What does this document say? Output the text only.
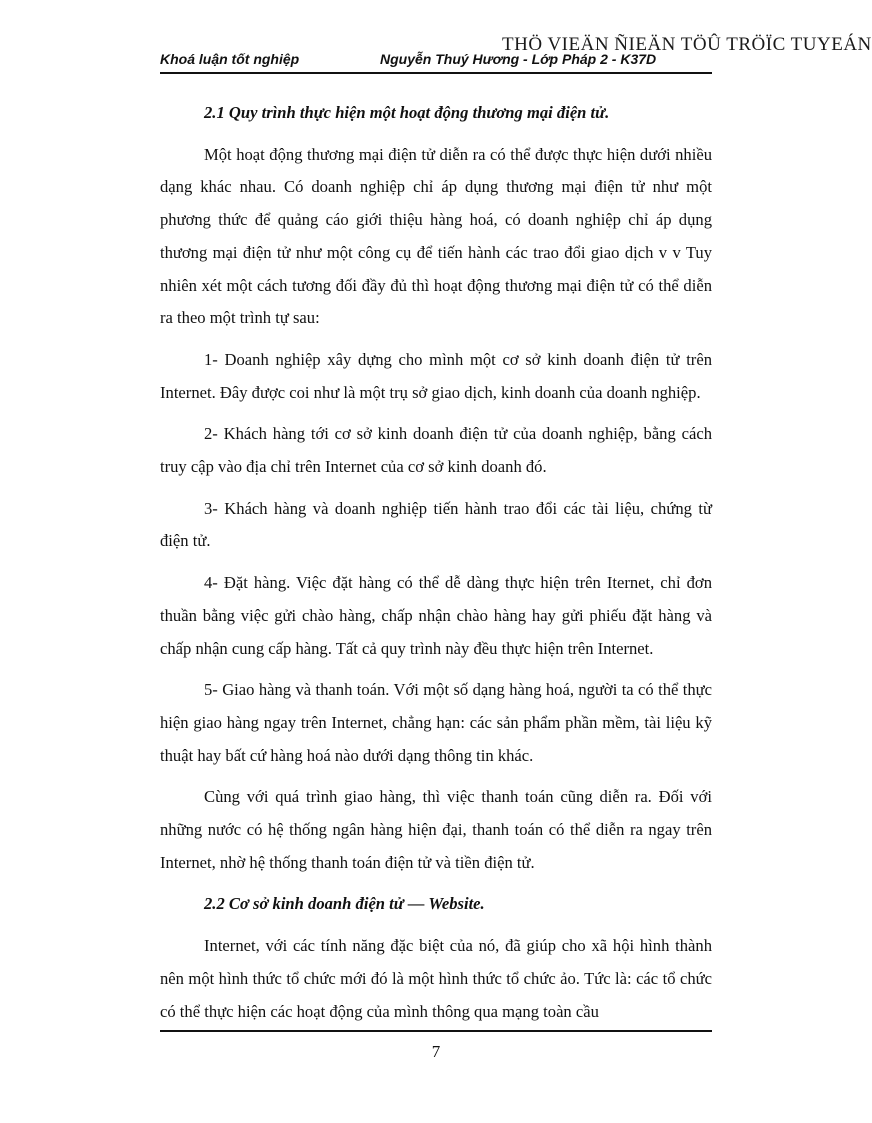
THÖ VIEÄN ÑIEÄN TÖÛ TRÖÏC TUYEÁN
Khoá luận tốt nghiệp	Nguyễn Thuý Hương - Lớp Pháp 2 - K37D

2.1 Quy trình thực hiện một hoạt động thương mại điện tử.

Một hoạt động thương mại điện tử diễn ra có thể được thực hiện dưới nhiều dạng khác nhau. Có doanh nghiệp chỉ áp dụng thương mại điện tử như một phương thức để quảng cáo giới thiệu hàng hoá, có doanh nghiệp chỉ áp dụng thương mại điện tử như một công cụ để tiến hành các trao đổi giao dịch v v Tuy nhiên xét một cách tương đối đầy đủ thì hoạt động thương mại điện tử có thể diễn ra theo một trình tự sau:

1- Doanh nghiệp xây dựng cho mình một cơ sở kinh doanh điện tử trên Internet. Đây được coi như là một trụ sở giao dịch, kinh doanh của doanh nghiệp.

2- Khách hàng tới cơ sở kinh doanh điện tử của doanh nghiệp, bằng cách truy cập vào địa chỉ trên Internet của cơ sở kinh doanh đó.

3- Khách hàng và doanh nghiệp tiến hành trao đổi các tài liệu, chứng từ điện tử.

4- Đặt hàng. Việc đặt hàng có thể dễ dàng thực hiện trên Iternet, chỉ đơn thuần bằng việc gửi chào hàng, chấp nhận chào hàng hay gửi phiếu đặt hàng và chấp nhận cung cấp hàng. Tất cả quy trình này đều thực hiện trên Internet.

5- Giao hàng và thanh toán. Với một số dạng hàng hoá, người ta có thể thực hiện giao hàng ngay trên Internet, chẳng hạn: các sản phẩm phần mềm, tài liệu kỹ thuật hay bất cứ hàng hoá nào dưới dạng thông tin khác.

Cùng với quá trình giao hàng, thì việc thanh toán cũng diễn ra. Đối với những nước có hệ thống ngân hàng hiện đại, thanh toán có thể diễn ra ngay trên Internet, nhờ hệ thống thanh toán điện tử và tiền điện tử.

2.2 Cơ sở kinh doanh điện tử — Website.

Internet, với các tính năng đặc biệt của nó, đã giúp cho xã hội hình thành nên một hình thức tổ chức mới đó là một hình thức tổ chức ảo. Tức là: các tổ chức có thể thực hiện các hoạt động của mình thông qua mạng toàn cầu

7
